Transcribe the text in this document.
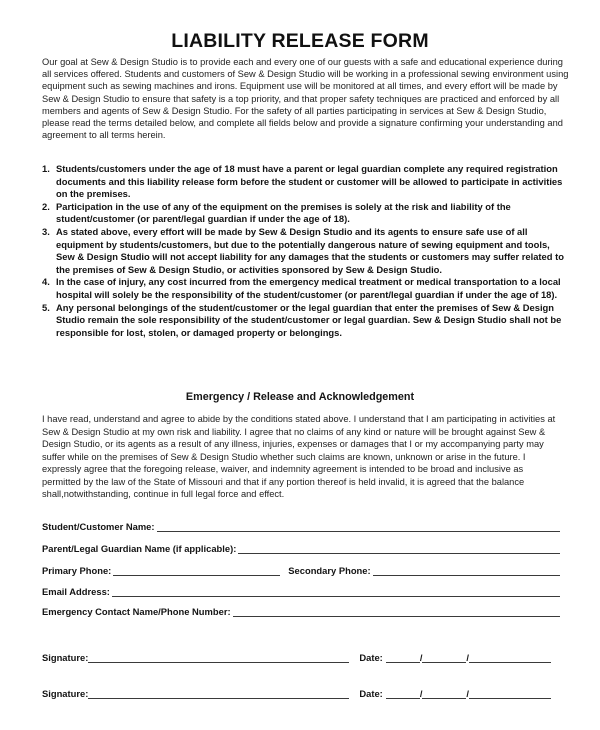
LIABILITY RELEASE FORM

Our goal at Sew & Design Studio is to provide each and every one of our guests with a safe and educational experience during all services offered. Students and customers of Sew & Design Studio will be working in a professional sewing environment using equipment such as sewing machines and irons. Equipment use will be monitored at all times, and every effort will be made by Sew & Design Studio to ensure that safety is a top priority, and that proper safety techniques are practiced and enforced by all members and agents of Sew & Design Studio. For the safety of all parties participating in services at Sew & Design Studio, please read the terms detailed below, and complete all fields below and provide a signature confirming your understanding and agreement to all terms herein.

1. Students/customers under the age of 18 must have a parent or legal guardian complete any required registration documents and this liability release form before the student or customer will be allowed to participate in activities on the premises.
2. Participation in the use of any of the equipment on the premises is solely at the risk and liability of the student/customer (or parent/legal guardian if under the age of 18).
3. As stated above, every effort will be made by Sew & Design Studio and its agents to ensure safe use of all equipment by students/customers, but due to the potentially dangerous nature of sewing equipment and tools, Sew & Design Studio will not accept liability for any damages that the students or customers may suffer related to the premises of Sew & Design Studio, or activities sponsored by Sew & Design Studio.
4. In the case of injury, any cost incurred from the emergency medical treatment or medical transportation to a local hospital will solely be the responsibility of the student/customer (or parent/legal guardian if under the age of 18).
5. Any personal belongings of the student/customer or the legal guardian that enter the premises of Sew & Design Studio remain the sole responsibility of the student/customer or legal guardian. Sew & Design Studio shall not be responsible for lost, stolen, or damaged property or belongings.
Emergency / Release and Acknowledgement

I have read, understand and agree to abide by the conditions stated above. I understand that I am participating in activities at Sew & Design Studio at my own risk and liability. I agree that no claims of any kind or nature will be brought against Sew & Design Studio, or its agents as a result of any illness, injuries, expenses or damages that I or my accompanying party may suffer while on the premises of Sew & Design Studio whether such claims are known, unknown or arise in the future. I expressly agree that the foregoing release, waiver, and indemnity agreement is intended to be broad and inclusive as permitted by the law of the State of Missouri and that if any portion thereof is held invalid, it is agreed that the balance shall,notwithstanding, continue in full legal force and effect.

Student/Customer Name:
Parent/Legal Guardian Name (if applicable):
Primary Phone:	Secondary Phone:
Email Address:
Emergency Contact Name/Phone Number:
Signature:	Date:	/	/
Signature:	Date:	/	/
